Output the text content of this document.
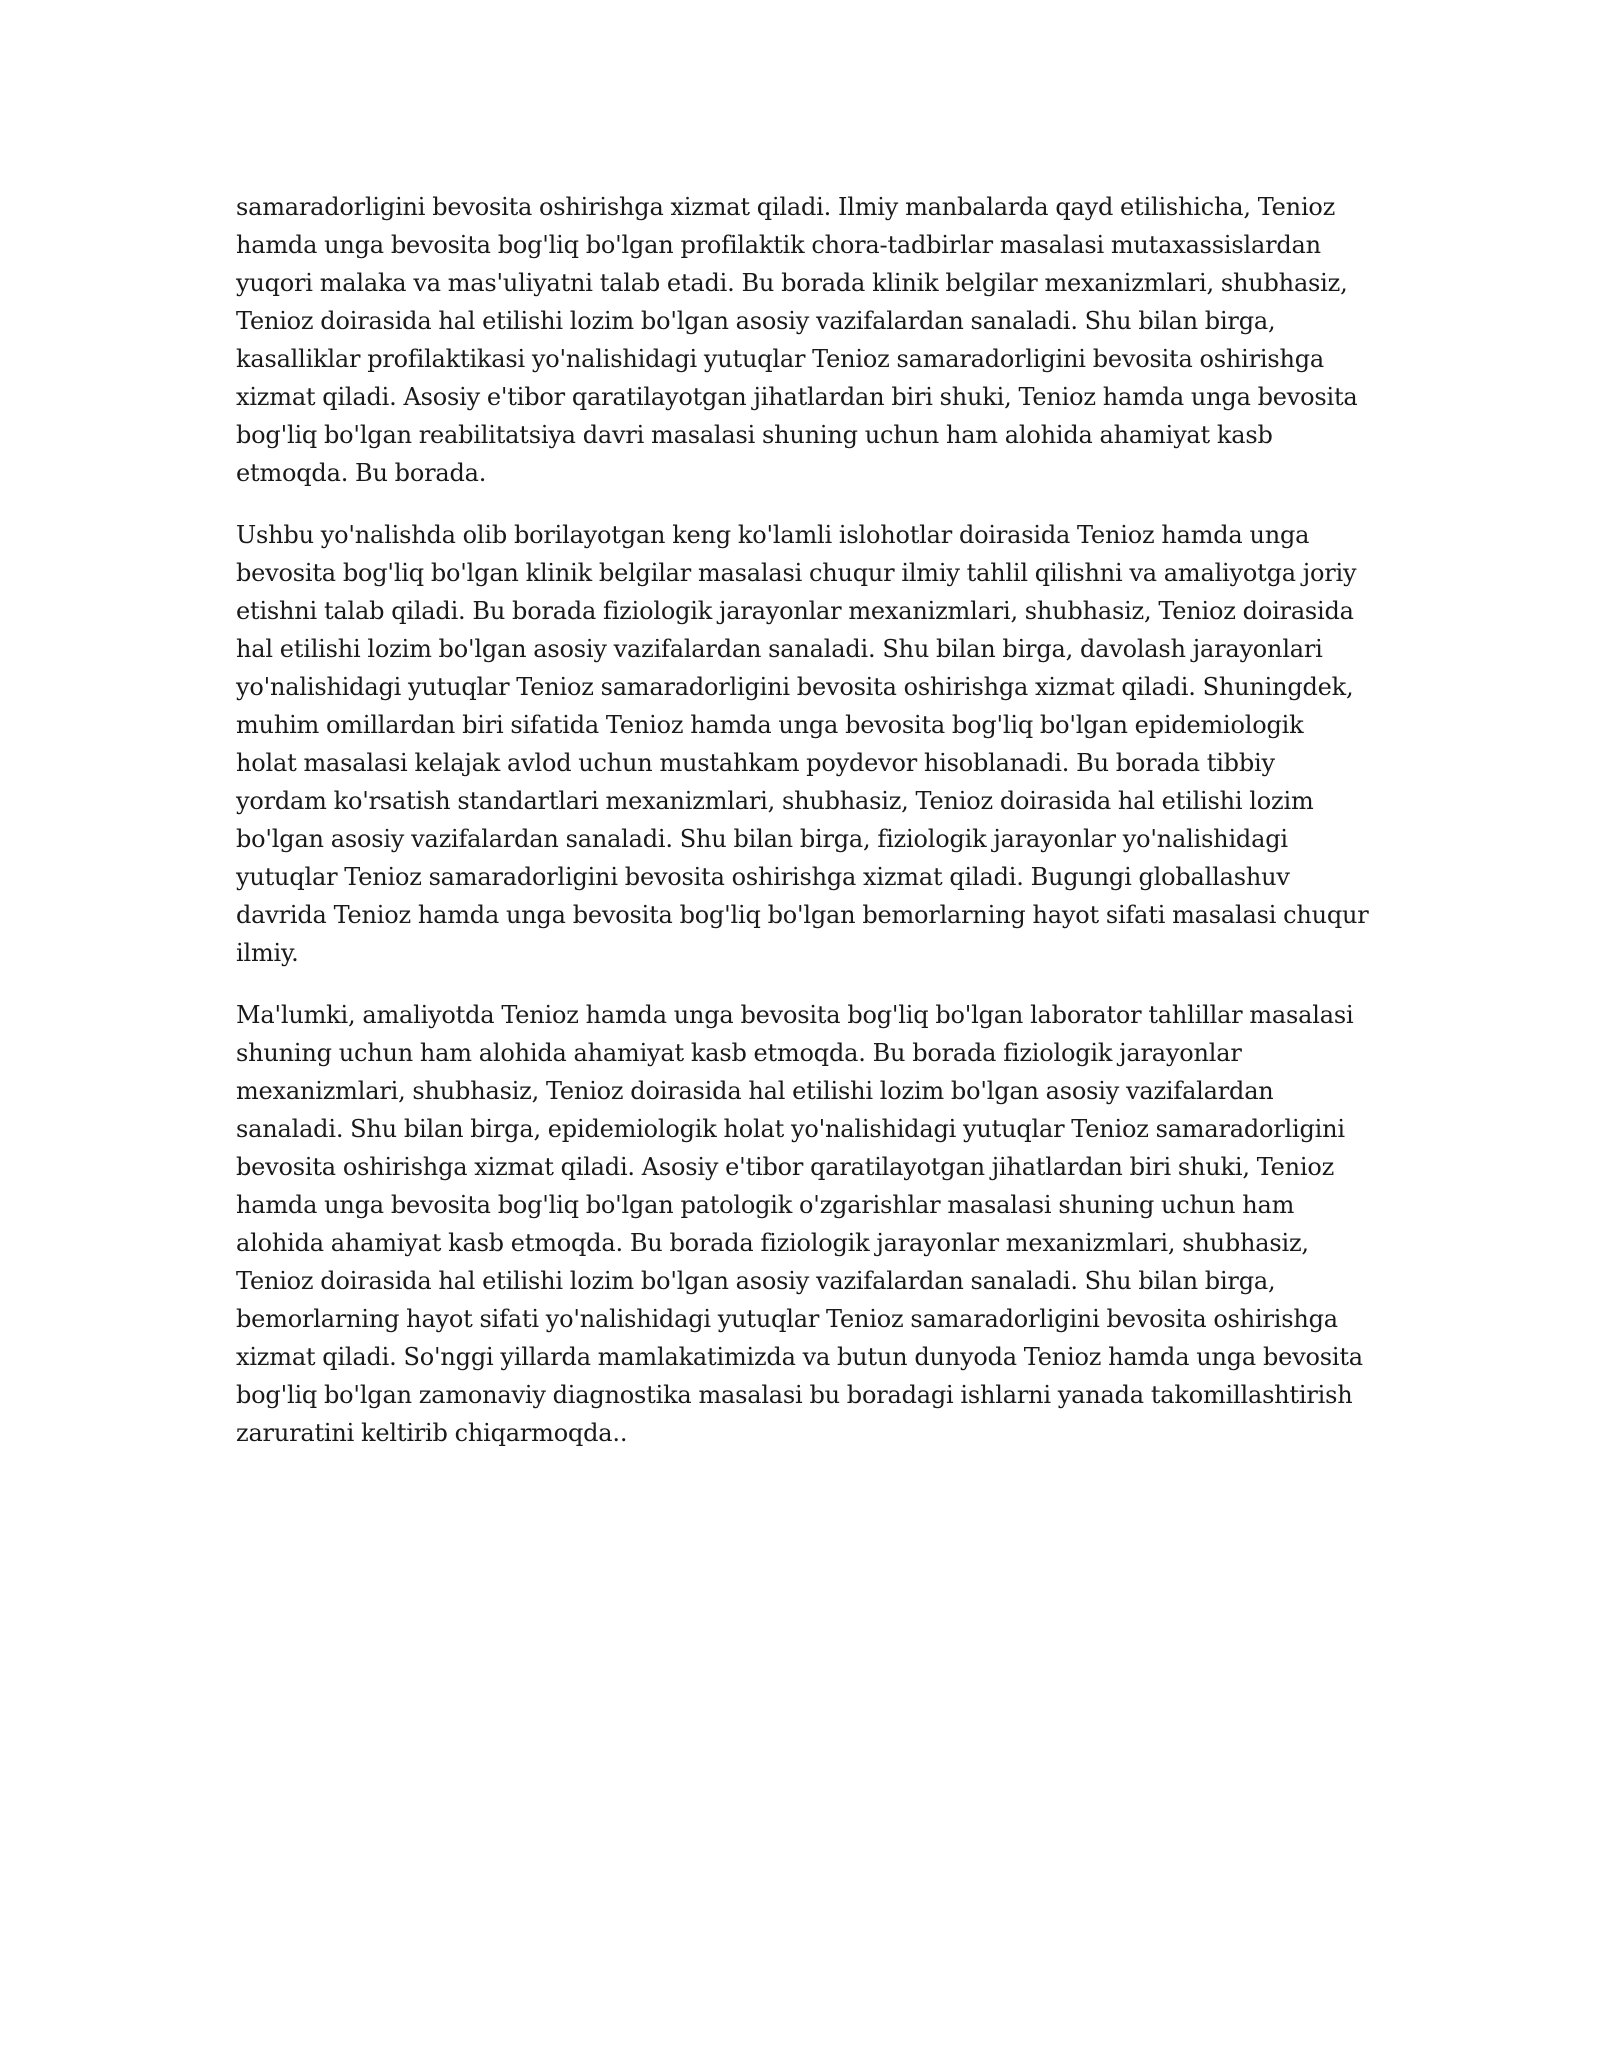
samaradorligini bevosita oshirishga xizmat qiladi. Ilmiy manbalarda qayd etilishicha, Tenioz hamda unga bevosita bog'liq bo'lgan profilaktik chora-tadbirlar masalasi mutaxassislardan yuqori malaka va mas'uliyatni talab etadi. Bu borada klinik belgilar mexanizmlari, shubhasiz, Tenioz doirasida hal etilishi lozim bo'lgan asosiy vazifalardan sanaladi. Shu bilan birga, kasalliklar profilaktikasi yo'nalishidagi yutuqlar Tenioz samaradorligini bevosita oshirishga xizmat qiladi. Asosiy e'tibor qaratilayotgan jihatlardan biri shuki, Tenioz hamda unga bevosita bog'liq bo'lgan reabilitatsiya davri masalasi shuning uchun ham alohida ahamiyat kasb etmoqda. Bu borada.

Ushbu yo'nalishda olib borilayotgan keng ko'lamli islohotlar doirasida Tenioz hamda unga bevosita bog'liq bo'lgan klinik belgilar masalasi chuqur ilmiy tahlil qilishni va amaliyotga joriy etishni talab qiladi. Bu borada fiziologik jarayonlar mexanizmlari, shubhasiz, Tenioz doirasida hal etilishi lozim bo'lgan asosiy vazifalardan sanaladi. Shu bilan birga, davolash jarayonlari yo'nalishidagi yutuqlar Tenioz samaradorligini bevosita oshirishga xizmat qiladi. Shuningdek, muhim omillardan biri sifatida Tenioz hamda unga bevosita bog'liq bo'lgan epidemiologik holat masalasi kelajak avlod uchun mustahkam poydevor hisoblanadi. Bu borada tibbiy yordam ko'rsatish standartlari mexanizmlari, shubhasiz, Tenioz doirasida hal etilishi lozim bo'lgan asosiy vazifalardan sanaladi. Shu bilan birga, fiziologik jarayonlar yo'nalishidagi yutuqlar Tenioz samaradorligini bevosita oshirishga xizmat qiladi. Bugungi globallashuv davrida Tenioz hamda unga bevosita bog'liq bo'lgan bemorlarning hayot sifati masalasi chuqur ilmiy.

Ma'lumki, amaliyotda Tenioz hamda unga bevosita bog'liq bo'lgan laborator tahlillar masalasi shuning uchun ham alohida ahamiyat kasb etmoqda. Bu borada fiziologik jarayonlar mexanizmlari, shubhasiz, Tenioz doirasida hal etilishi lozim bo'lgan asosiy vazifalardan sanaladi. Shu bilan birga, epidemiologik holat yo'nalishidagi yutuqlar Tenioz samaradorligini bevosita oshirishga xizmat qiladi. Asosiy e'tibor qaratilayotgan jihatlardan biri shuki, Tenioz hamda unga bevosita bog'liq bo'lgan patologik o'zgarishlar masalasi shuning uchun ham alohida ahamiyat kasb etmoqda. Bu borada fiziologik jarayonlar mexanizmlari, shubhasiz, Tenioz doirasida hal etilishi lozim bo'lgan asosiy vazifalardan sanaladi. Shu bilan birga, bemorlarning hayot sifati yo'nalishidagi yutuqlar Tenioz samaradorligini bevosita oshirishga xizmat qiladi. So'nggi yillarda mamlakatimizda va butun dunyoda Tenioz hamda unga bevosita bog'liq bo'lgan zamonaviy diagnostika masalasi bu boradagi ishlarni yanada takomillashtirish zaruratini keltirib chiqarmoqda..
